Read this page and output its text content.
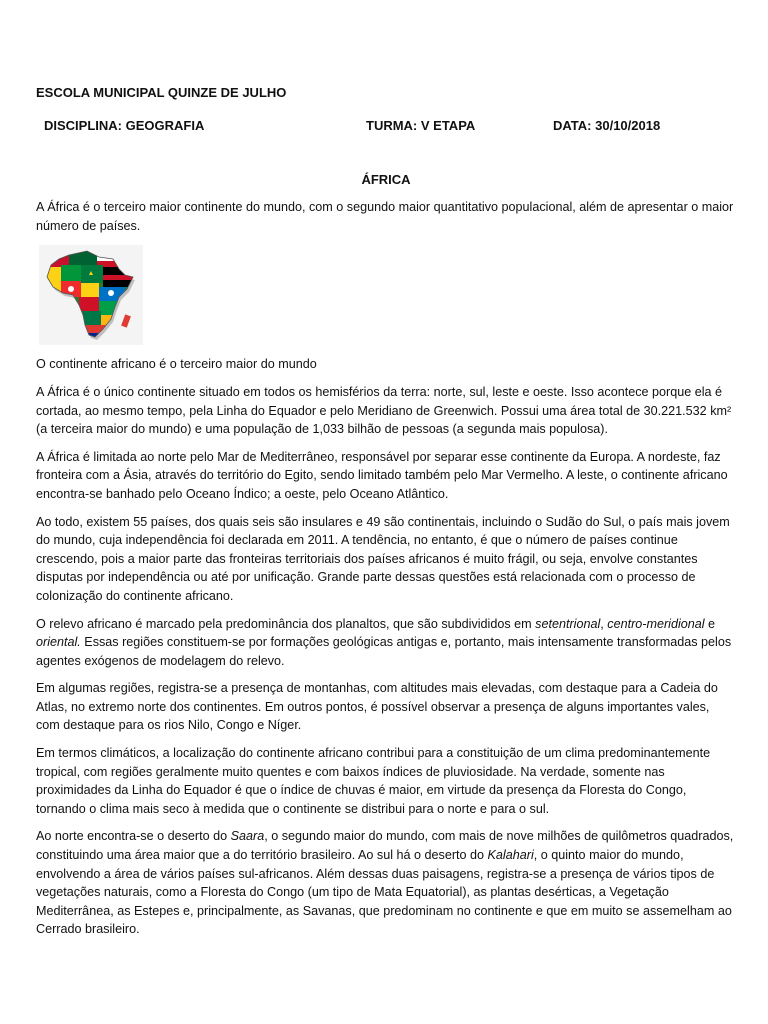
ESCOLA MUNICIPAL QUINZE DE JULHO

DISCIPLINA: GEOGRAFIA	TURMA: V ETAPA	DATA: 30/10/2018
ÁFRICA

A África é o terceiro maior continente do mundo, com o segundo maior quantitativo populacional, além de apresentar o maior número de países.

O continente africano é o terceiro maior do mundo

A África é o único continente situado em todos os hemisférios da terra: norte, sul, leste e oeste. Isso acontece porque ela é cortada, ao mesmo tempo, pela Linha do Equador e pelo Meridiano de Greenwich. Possui uma área total de 30.221.532 km² (a terceira maior do mundo) e uma população de 1,033 bilhão de pessoas (a segunda mais populosa).

A África é limitada ao norte pelo Mar de Mediterrâneo, responsável por separar esse continente da Europa. A nordeste, faz fronteira com a Ásia, através do território do Egito, sendo limitado também pelo Mar Vermelho. A leste, o continente africano encontra-se banhado pelo Oceano Índico; a oeste, pelo Oceano Atlântico.

Ao todo, existem 55 países, dos quais seis são insulares e 49 são continentais, incluindo o Sudão do Sul, o país mais jovem do mundo, cuja independência foi declarada em 2011. A tendência, no entanto, é que o número de países continue crescendo, pois a maior parte das fronteiras territoriais dos países africanos é muito frágil, ou seja, envolve constantes disputas por independência ou até por unificação. Grande parte dessas questões está relacionada com o processo de colonização do continente africano.

O relevo africano é marcado pela predominância dos planaltos, que são subdivididos em setentrional, centro-meridional e oriental. Essas regiões constituem-se por formações geológicas antigas e, portanto, mais intensamente transformadas pelos agentes exógenos de modelagem do relevo.

Em algumas regiões, registra-se a presença de montanhas, com altitudes mais elevadas, com destaque para a Cadeia do Atlas, no extremo norte dos continentes. Em outros pontos, é possível observar a presença de alguns importantes vales, com destaque para os rios Nilo, Congo e Níger.

Em termos climáticos, a localização do continente africano contribui para a constituição de um clima predominantemente tropical, com regiões geralmente muito quentes e com baixos índices de pluviosidade. Na verdade, somente nas proximidades da Linha do Equador é que o índice de chuvas é maior, em virtude da presença da Floresta do Congo, tornando o clima mais seco à medida que o continente se distribui para o norte e para o sul.

Ao norte encontra-se o deserto do Saara, o segundo maior do mundo, com mais de nove milhões de quilômetros quadrados, constituindo uma área maior que a do território brasileiro. Ao sul há o deserto do Kalahari, o quinto maior do mundo, envolvendo a área de vários países sul-africanos. Além dessas duas paisagens, registra-se a presença de vários tipos de vegetações naturais, como a Floresta do Congo (um tipo de Mata Equatorial), as plantas desérticas, a Vegetação Mediterrânea, as Estepes e, principalmente, as Savanas, que predominam no continente e que em muito se assemelham ao Cerrado brasileiro.
